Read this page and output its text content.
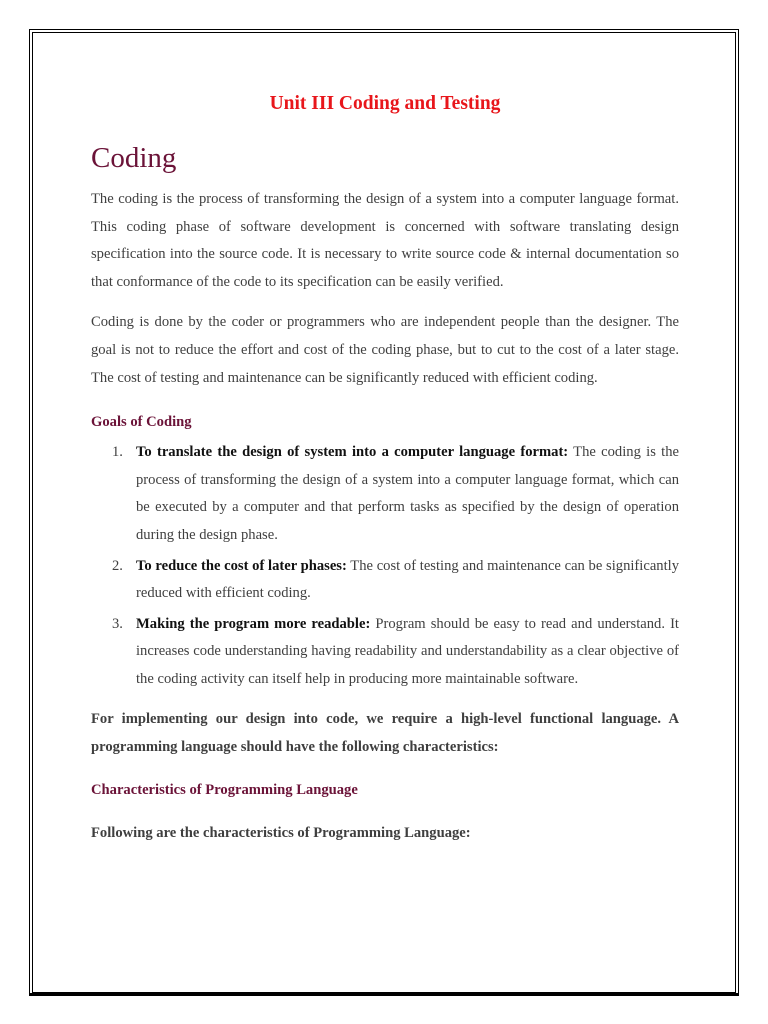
Unit III Coding and Testing
Coding

The coding is the process of transforming the design of a system into a computer language format. This coding phase of software development is concerned with software translating design specification into the source code. It is necessary to write source code & internal documentation so that conformance of the code to its specification can be easily verified.

Coding is done by the coder or programmers who are independent people than the designer. The goal is not to reduce the effort and cost of the coding phase, but to cut to the cost of a later stage. The cost of testing and maintenance can be significantly reduced with efficient coding.

Goals of Coding
1. To translate the design of system into a computer language format: The coding is the process of transforming the design of a system into a computer language format, which can be executed by a computer and that perform tasks as specified by the design of operation during the design phase.
2. To reduce the cost of later phases: The cost of testing and maintenance can be significantly reduced with efficient coding.
3. Making the program more readable: Program should be easy to read and understand. It increases code understanding having readability and understandability as a clear objective of the coding activity can itself help in producing more maintainable software.

For implementing our design into code, we require a high-level functional language. A programming language should have the following characteristics:

Characteristics of Programming Language

Following are the characteristics of Programming Language:
